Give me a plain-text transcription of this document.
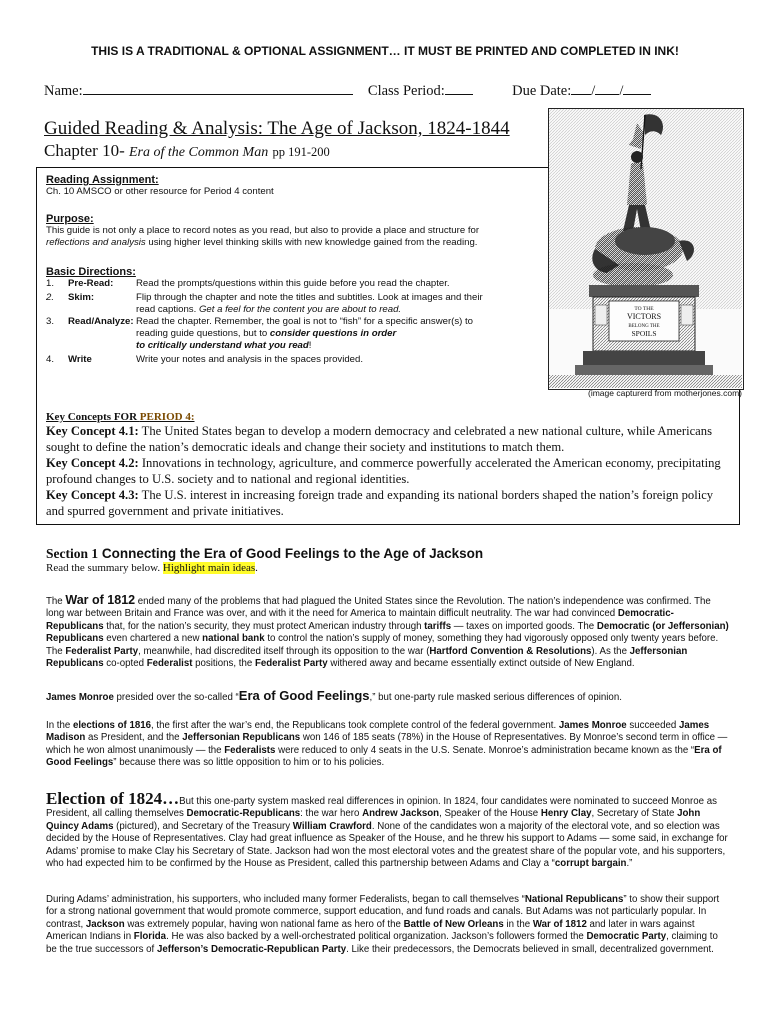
THIS IS A TRADITIONAL & OPTIONAL ASSIGNMENT… IT MUST BE PRINTED AND COMPLETED IN INK!
Name:	Class Period:	Due Date: / /
Guided Reading & Analysis: The Age of Jackson, 1824-1844
Chapter 10- Era of the Common Man pp 191-200
Reading Assignment:
Ch. 10 AMSCO or other resource for Period 4 content
Purpose:
This guide is not only a place to record notes as you read, but also to provide a place and structure for
reflections and analysis using higher level thinking skills with new knowledge gained from the reading.
Basic Directions:
1. Pre-Read: Read the prompts/questions within this guide before you read the chapter.
2. Skim:	Flip through the chapter and note the titles and subtitles. Look at images and their
read captions. Get a feel for the content you are about to read.
3. Read/Analyze: Read the chapter. Remember, the goal is not to “fish” for a specific answer(s) to
reading guide questions, but to consider questions in order
to critically understand what you read!
4. Write	Write your notes and analysis in the spaces provided.
TO THE
VICTORS
BELONG THE
SPOILS
(image capturerd from motherjones.com)
Key Concepts FOR PERIOD 4:
Key Concept 4.1: The United States began to develop a modern democracy and celebrated a new national culture, while Americans sought to define the nation’s democratic ideals and change their society and institutions to match them.
Key Concept 4.2: Innovations in technology, agriculture, and commerce powerfully accelerated the American economy, precipitating profound changes to U.S. society and to national and regional identities.
Key Concept 4.3: The U.S. interest in increasing foreign trade and expanding its national borders shaped the nation’s foreign policy and spurred government and private initiatives.
Section 1 Connecting the Era of Good Feelings to the Age of Jackson
Read the summary below. Highlight main ideas.
The War of 1812 ended many of the problems that had plagued the United States since the Revolution. The nation’s independence was confirmed. The long war between Britain and France was over, and with it the need for America to maintain difficult neutrality. The war had convinced Democratic-Republicans that, for the nation’s security, they must protect American industry through tariffs — taxes on imported goods. The Democratic (or Jeffersonian) Republicans even chartered a new national bank to control the nation’s supply of money, something they had vigorously opposed only twenty years before. The Federalist Party, meanwhile, had discredited itself through its opposition to the war (Hartford Convention & Resolutions). As the Jeffersonian Republicans co-opted Federalist positions, the Federalist Party withered away and became essentially extinct outside of New England.
James Monroe presided over the so-called “Era of Good Feelings,” but one-party rule masked serious differences of opinion.
In the elections of 1816, the first after the war’s end, the Republicans took complete control of the federal government. James Monroe succeeded James Madison as President, and the Jeffersonian Republicans won 146 of 185 seats (78%) in the House of Representatives. By Monroe’s second term in office — which he won almost unanimously — the Federalists were reduced to only 4 seats in the U.S. Senate. Monroe’s administration became known as the “Era of Good Feelings” because there was so little opposition to him or to his policies.
Election of 1824…But this one-party system masked real differences in opinion. In 1824, four candidates were nominated to succeed Monroe as President, all calling themselves Democratic-Republicans: the war hero Andrew Jackson, Speaker of the House Henry Clay, Secretary of State John Quincy Adams (pictured), and Secretary of the Treasury William Crawford. None of the candidates won a majority of the electoral vote, and so election was decided by the House of Representatives. Clay had great influence as Speaker of the House, and he threw his support to Adams — some said, in exchange for Adams’ promise to make Clay his Secretary of State. Jackson had won the most electoral votes and the greatest share of the popular vote, and his supporters, who had expected him to be confirmed by the House as President, called this partnership between Adams and Clay a “corrupt bargain.”
During Adams’ administration, his supporters, who included many former Federalists, began to call themselves “National Republicans” to show their support for a strong national government that would promote commerce, support education, and fund roads and canals. But Adams was not particularly popular. In contrast, Jackson was extremely popular, having won national fame as hero of the Battle of New Orleans in the War of 1812 and later in wars against American Indians in Florida. He was also backed by a well-orchestrated political organization. Jackson’s followers formed the Democratic Party, claiming to be the true successors of Jefferson’s Democratic-Republican Party. Like their predecessors, the Democrats believed in small, decentralized government.
